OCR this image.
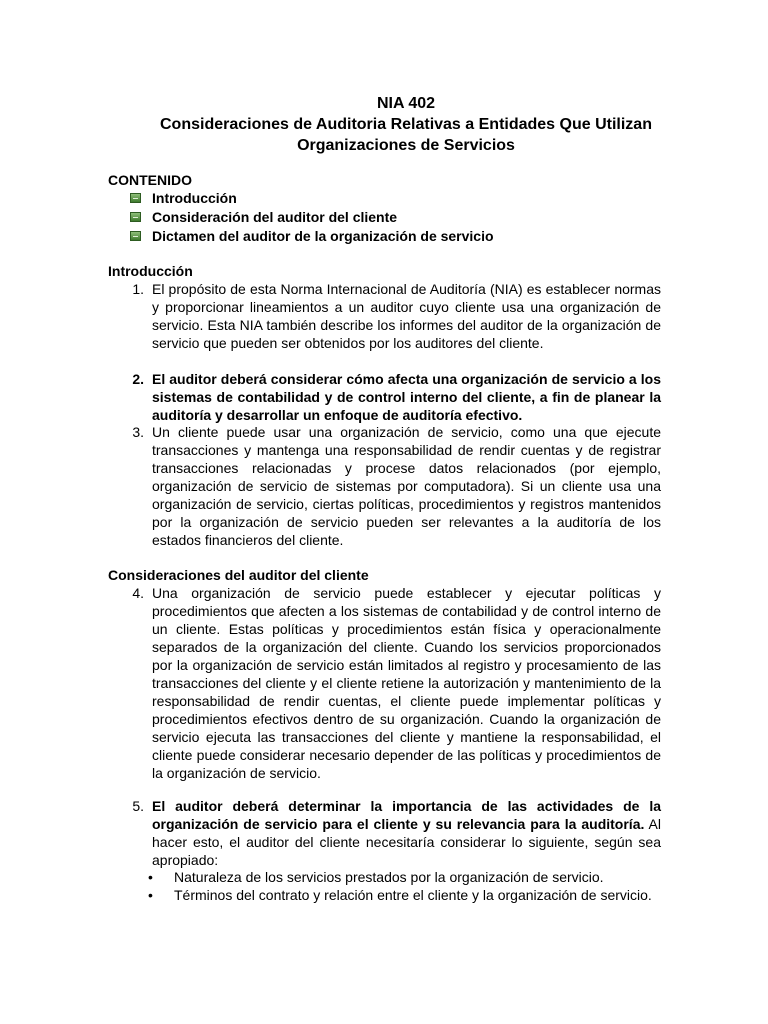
NIA 402
Consideraciones de Auditoria Relativas a Entidades Que Utilizan
Organizaciones de Servicios
CONTENIDO
Introducción
Consideración del auditor del cliente
Dictamen del auditor de la organización de servicio
Introducción
1. El propósito de esta Norma Internacional de Auditoría (NIA) es establecer normas y proporcionar lineamientos a un auditor cuyo cliente usa una organización de servicio. Esta NIA también describe los informes del auditor de la organización de servicio que pueden ser obtenidos por los auditores del cliente.
2. El auditor deberá considerar cómo afecta una organización de servicio a los sistemas de contabilidad y de control interno del cliente, a fin de planear la auditoría y desarrollar un enfoque de auditoría efectivo.
3. Un cliente puede usar una organización de servicio, como una que ejecute transacciones y mantenga una responsabilidad de rendir cuentas y de registrar transacciones relacionadas y procese datos relacionados (por ejemplo, organización de servicio de sistemas por computadora). Si un cliente usa una organización de servicio, ciertas políticas, procedimientos y registros mantenidos por la organización de servicio pueden ser relevantes a la auditoría de los estados financieros del cliente.
Consideraciones del auditor del cliente
4. Una organización de servicio puede establecer y ejecutar políticas y procedimientos que afecten a los sistemas de contabilidad y de control interno de un cliente. Estas políticas y procedimientos están física y operacionalmente separados de la organización del cliente. Cuando los servicios proporcionados por la organización de servicio están limitados al registro y procesamiento de las transacciones del cliente y el cliente retiene la autorización y mantenimiento de la responsabilidad de rendir cuentas, el cliente puede implementar políticas y procedimientos efectivos dentro de su organización. Cuando la organización de servicio ejecuta las transacciones del cliente y mantiene la responsabilidad, el cliente puede considerar necesario depender de las políticas y procedimientos de la organización de servicio.
5. El auditor deberá determinar la importancia de las actividades de la organización de servicio para el cliente y su relevancia para la auditoría. Al hacer esto, el auditor del cliente necesitaría considerar lo siguiente, según sea apropiado:
• Naturaleza de los servicios prestados por la organización de servicio.
• Términos del contrato y relación entre el cliente y la organización de servicio.
